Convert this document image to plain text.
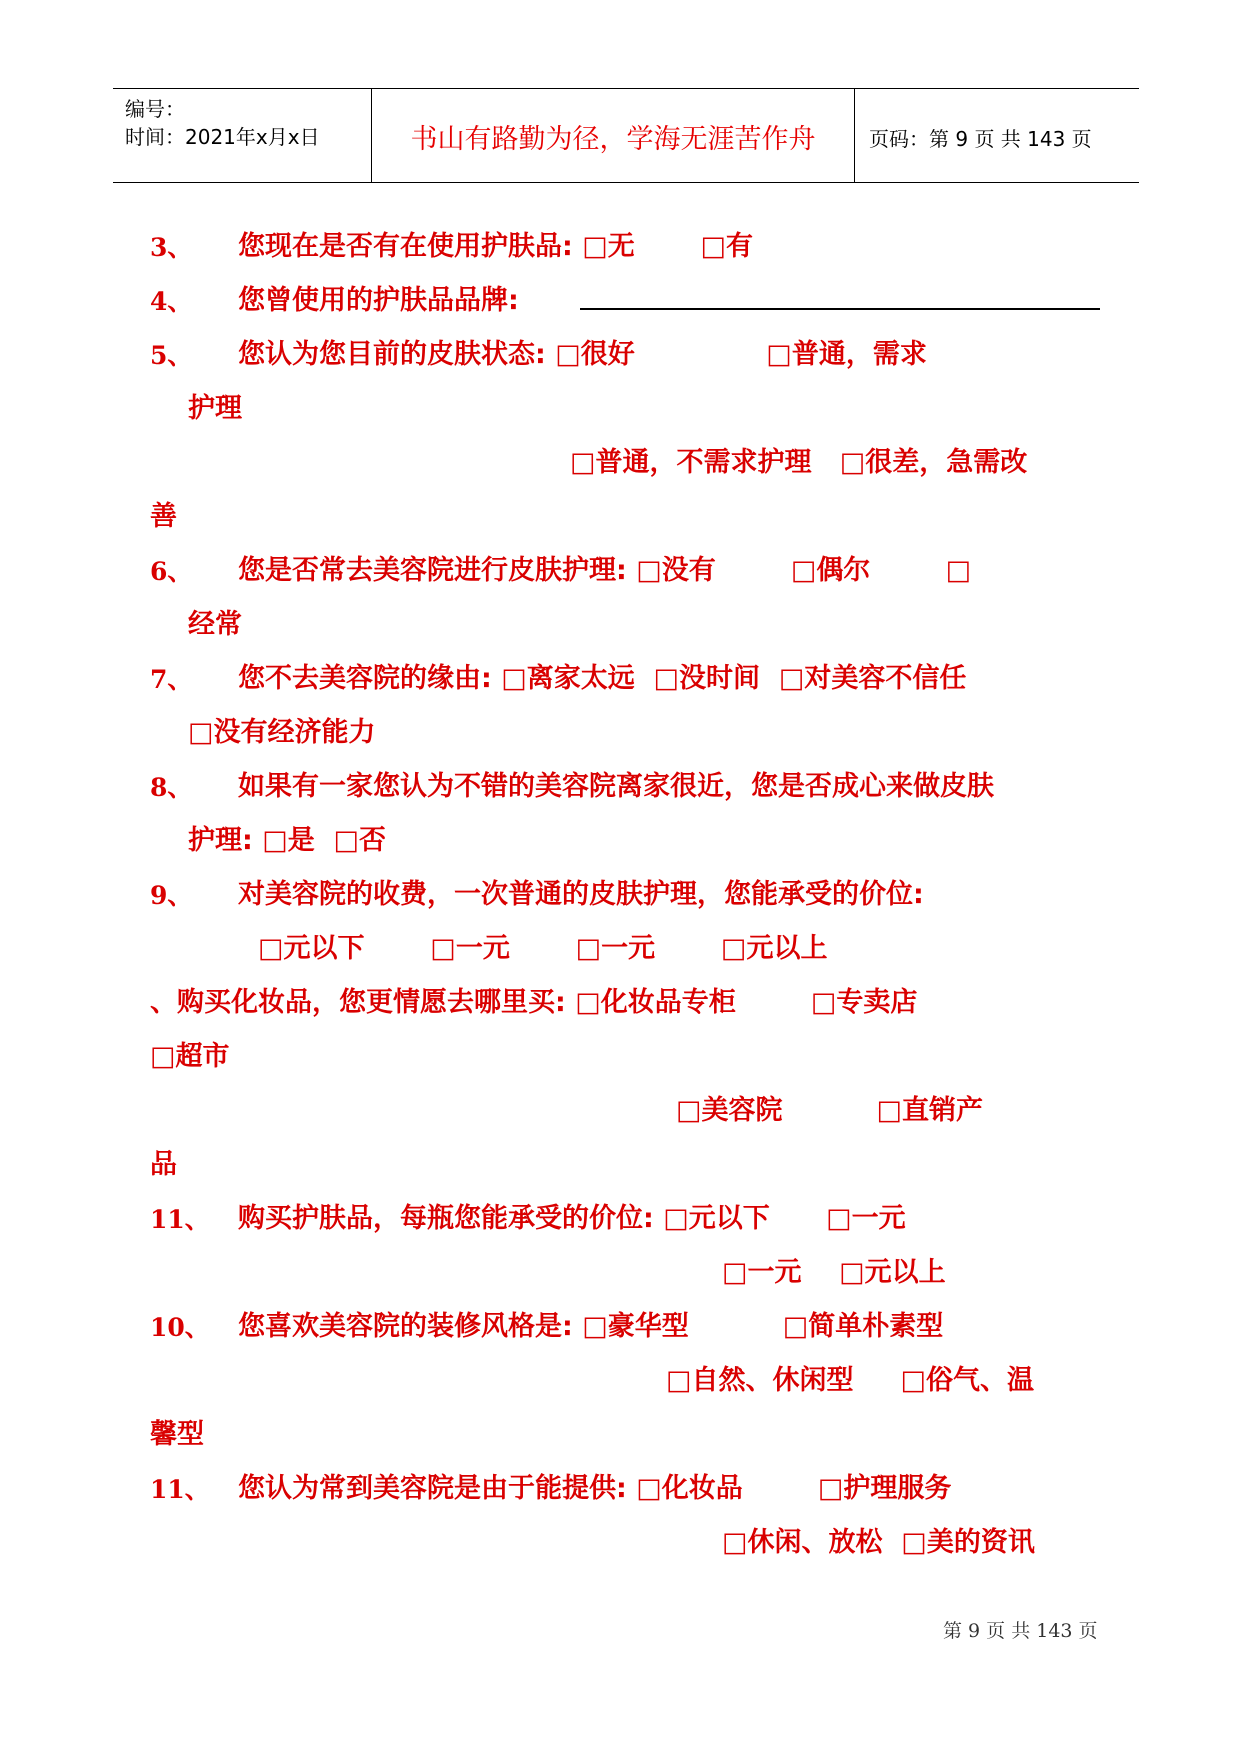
编号：
时间：2021年x月x日	书山有路勤为径，学海无涯苦作舟	页码：第 9 页 共 143 页
3、 您现在是否有在使用护肤品: □无       □有
4、 您曾使用的护肤品品牌:
5、 您认为您目前的皮肤状态: □很好              □普通，需求
护理
□普通，不需求护理   □很差，急需改
善
6、 您是否常去美容院进行皮肤护理: □没有        □偶尔        □
经常
7、 您不去美容院的缘由: □离家太远  □没时间  □对美容不信任
□没有经济能力
8、 如果有一家您认为不错的美容院离家很近，您是否成心来做皮肤
护理: □是  □否
9、 对美容院的收费，一次普通的皮肤护理，您能承受的价位:
□元以下       □一元       □一元       □元以上
、购买化妆品，您更情愿去哪里买: □化妆品专柜        □专卖店
□超市
□美容院          □直销产
品
11、 购买护肤品，每瓶您能承受的价位: □元以下      □一元
□一元    □元以上
10、 您喜欢美容院的装修风格是: □豪华型          □简单朴素型
□自然、休闲型     □俗气、温
馨型
11、 您认为常到美容院是由于能提供: □化妆品        □护理服务
□休闲、放松  □美的资讯
第 9 页 共 143 页
